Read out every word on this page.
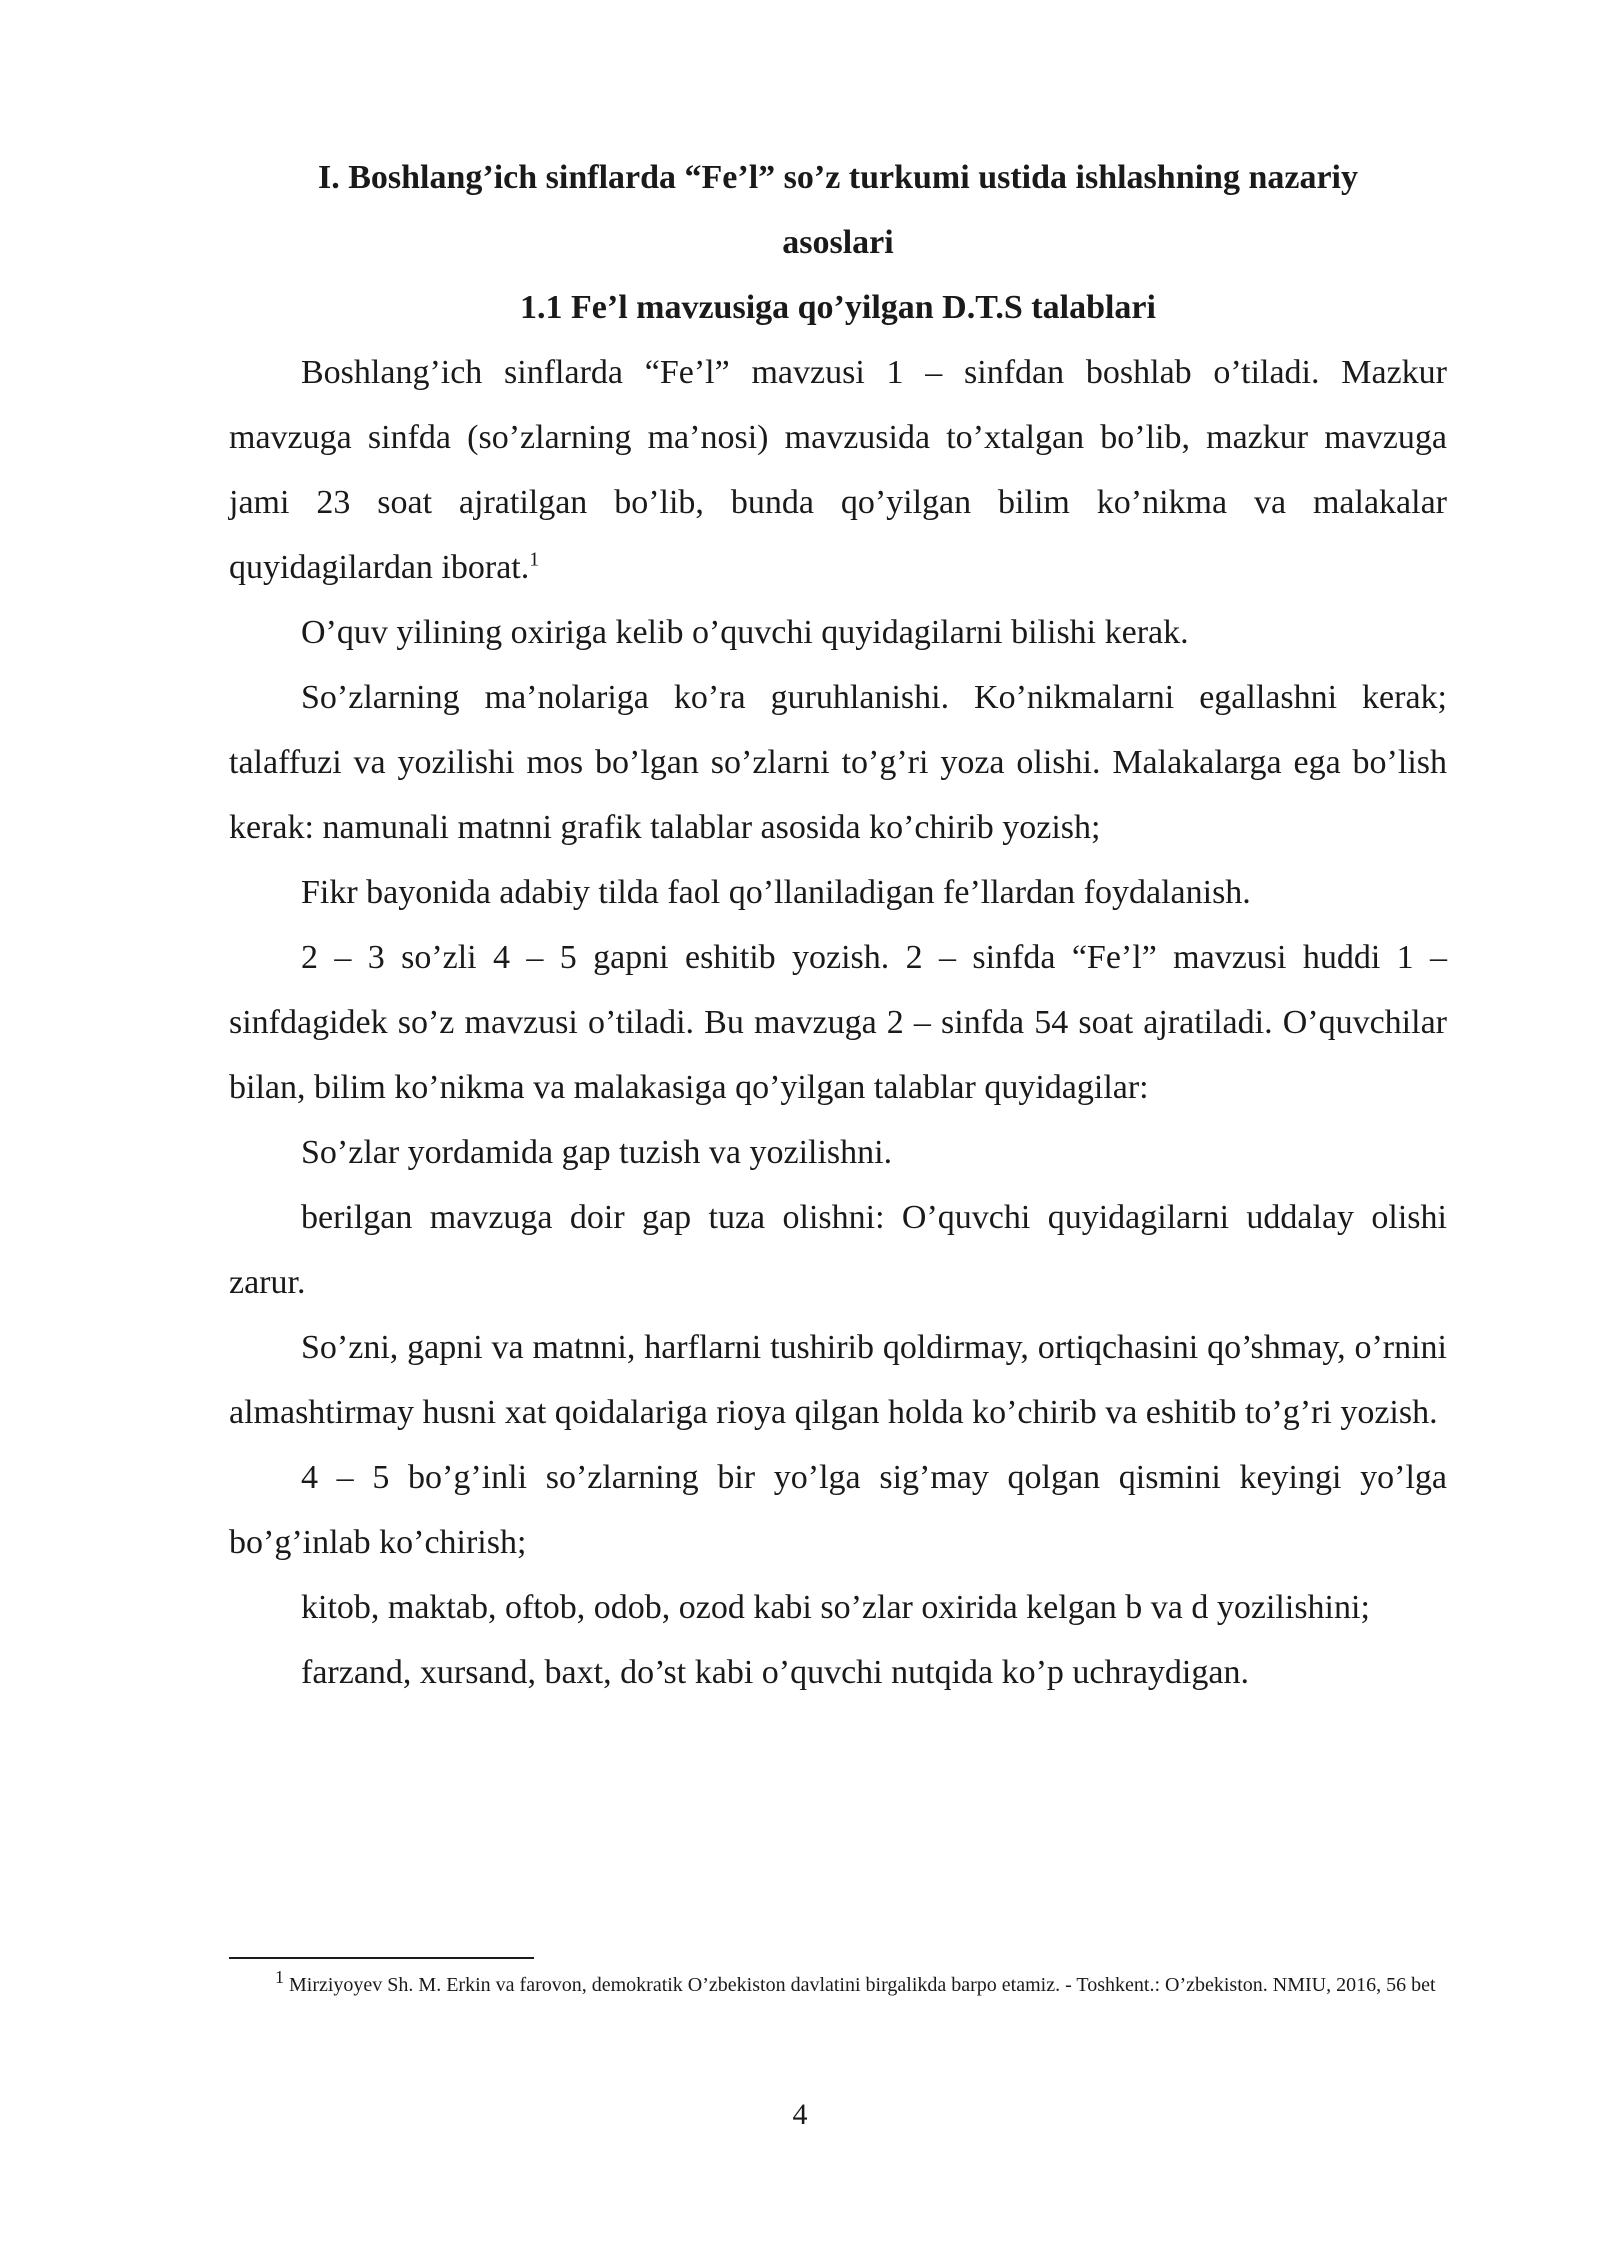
I. Boshlang’ich sinflarda “Fe’l” so’z turkumi ustida ishlashning nazariy
asoslari
1.1 Fe’l mavzusiga qo’yilgan D.T.S talablari

Boshlang’ich sinflarda “Fe’l” mavzusi 1 – sinfdan boshlab o’tiladi. Mazkur mavzuga sinfda (so’zlarning ma’nosi) mavzusida to’xtalgan bo’lib, mazkur mavzuga jami 23 soat ajratilgan bo’lib, bunda qo’yilgan bilim ko’nikma va malakalar quyidagilardan iborat.$^1$

O’quv yilining oxiriga kelib o’quvchi quyidagilarni bilishi kerak.

So’zlarning ma’nolariga ko’ra guruhlanishi. Ko’nikmalarni egallashni kerak; talaffuzi va yozilishi mos bo’lgan so’zlarni to’g’ri yoza olishi. Malakalarga ega bo’lish kerak: namunali matnni grafik talablar asosida ko’chirib yozish;

Fikr bayonida adabiy tilda faol qo’llaniladigan fe’llardan foydalanish.

2 – 3 so’zli 4 – 5 gapni eshitib yozish. 2 – sinfda “Fe’l” mavzusi huddi 1 – sinfdagidek so’z mavzusi o’tiladi. Bu mavzuga 2 – sinfda 54 soat ajratiladi. O’quvchilar bilan, bilim ko’nikma va malakasiga qo’yilgan talablar quyidagilar:

So’zlar yordamida gap tuzish va yozilishni.

berilgan mavzuga doir gap tuza olishni: O’quvchi quyidagilarni uddalay olishi zarur.

So’zni, gapni va matnni, harflarni tushirib qoldirmay, ortiqchasini qo’shmay, o’rnini almashtirmay husni xat qoidalariga rioya qilgan holda ko’chirib va eshitib to’g’ri yozish.

4 – 5 bo’g’inli so’zlarning bir yo’lga sig’may qolgan qismini keyingi yo’lga bo’g’inlab ko’chirish;

kitob, maktab, oftob, odob, ozod kabi so’zlar oxirida kelgan b va d yozilishini;

farzand, xursand, baxt, do’st kabi o’quvchi nutqida ko’p uchraydigan.

$^1$ Mirziyoyev Sh. M. Erkin va farovon, demokratik O’zbekiston davlatini birgalikda barpo etamiz. - Toshkent.: O’zbekiston. NMIU, 2016, 56 bet

4
